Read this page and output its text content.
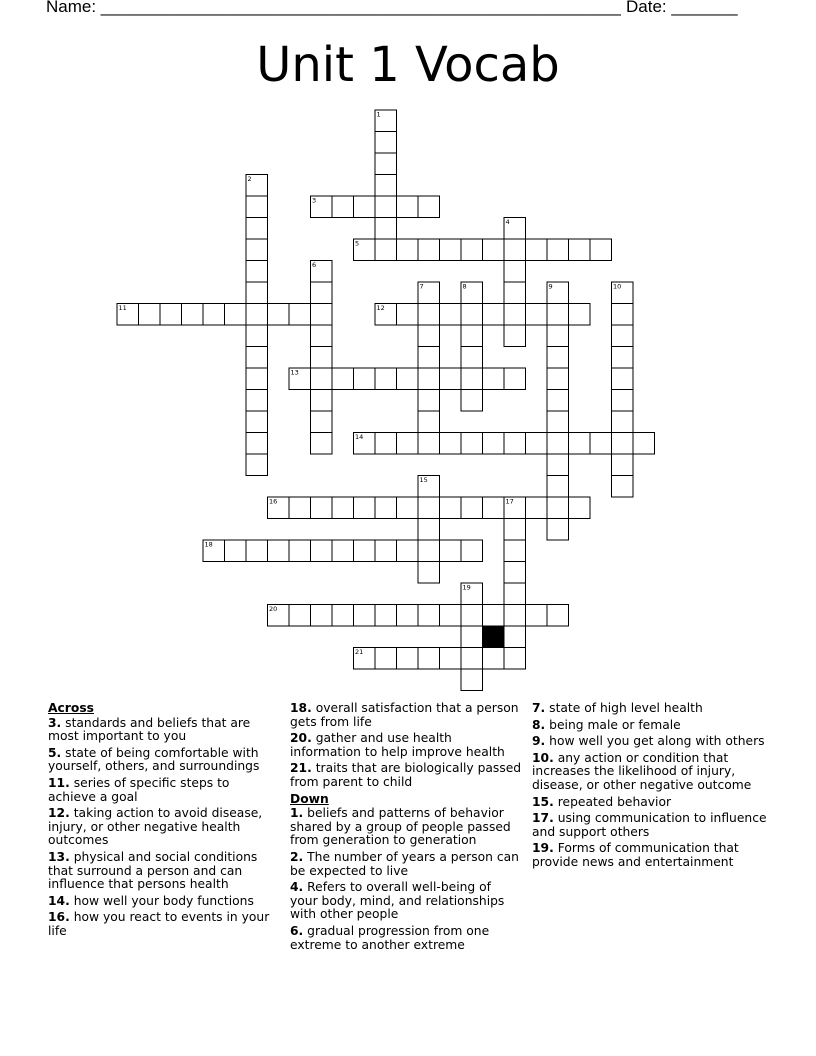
Name: _______________________________________________________ Date: _______
Unit 1 Vocab
1
2
3
4
5
6
7	8	9	10
11	12
13
14
15
16	17
18
19
20
21
Across
3. standards and beliefs that are most important to you
5. state of being comfortable with yourself, others, and surroundings
11. series of specific steps to achieve a goal
12. taking action to avoid disease, injury, or other negative health outcomes
13. physical and social conditions that surround a person and can influence that persons health
14. how well your body functions
16. how you react to events in your life
18. overall satisfaction that a person gets from life
20. gather and use health information to help improve health
21. traits that are biologically passed from parent to child
Down
1. beliefs and patterns of behavior shared by a group of people passed from generation to generation
2. The number of years a person can be expected to live
4. Refers to overall well-being of your body, mind, and relationships with other people
6. gradual progression from one extreme to another extreme
7. state of high level health
8. being male or female
9. how well you get along with others
10. any action or condition that increases the likelihood of injury, disease, or other negative outcome
15. repeated behavior
17. using communication to influence and support others
19. Forms of communication that provide news and entertainment
